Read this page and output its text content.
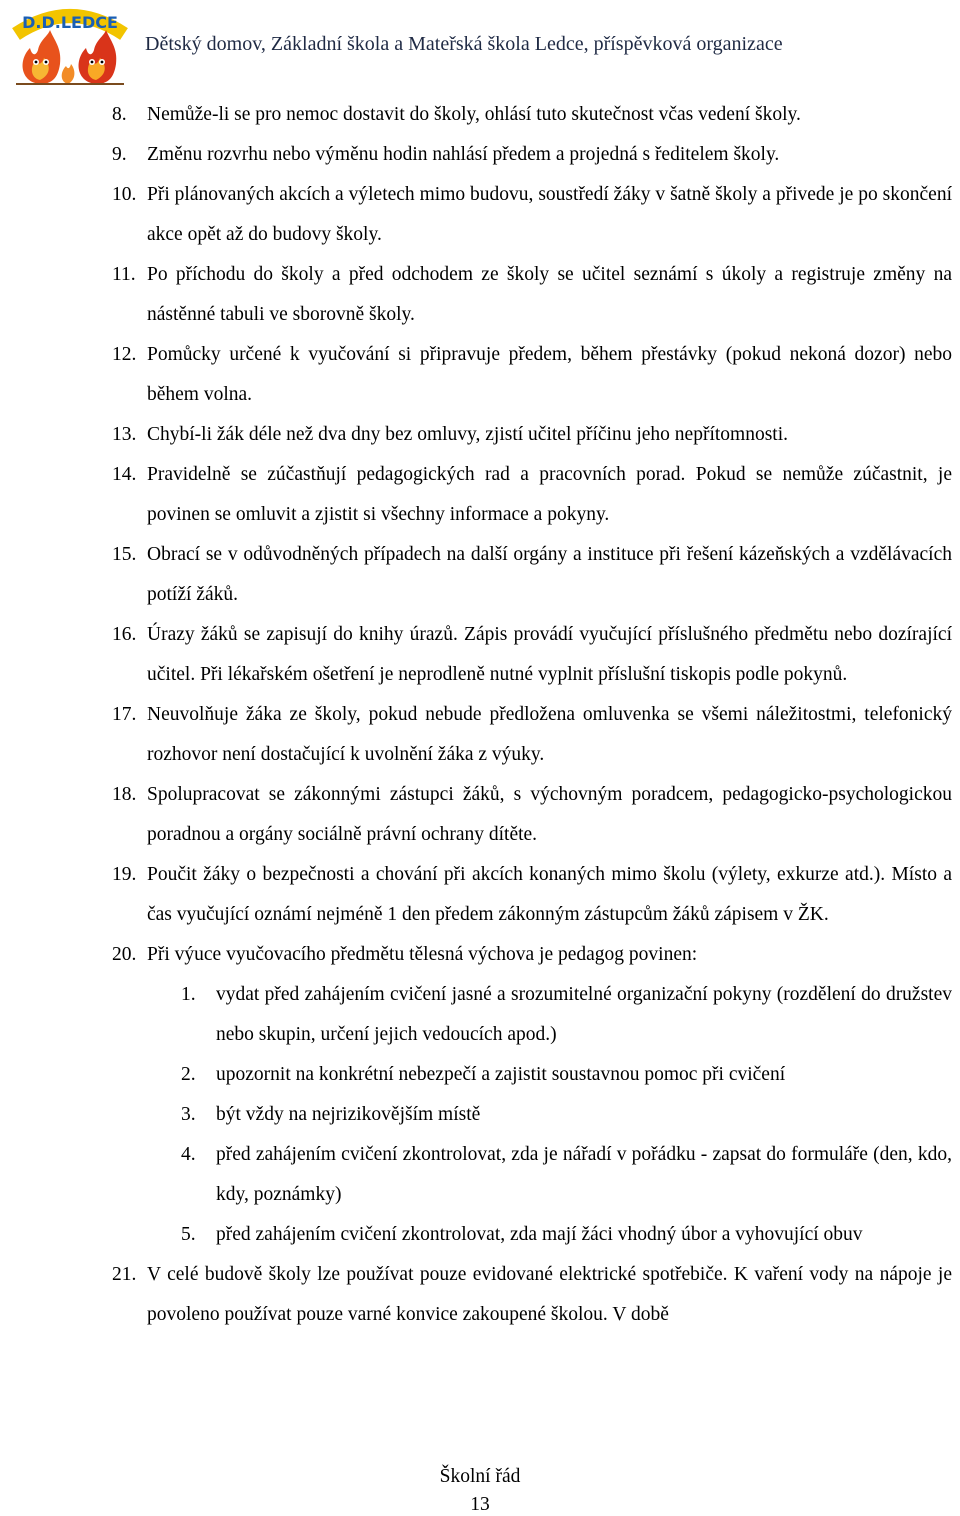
D.D.LEDCE
Dětský domov, Základní škola a Mateřská škola Ledce, příspěvková organizace
8. Nemůže-li se pro nemoc dostavit do školy, ohlásí tuto skutečnost včas vedení školy.
9. Změnu rozvrhu nebo výměnu hodin nahlásí předem a projedná s ředitelem školy.
10. Při plánovaných akcích a výletech mimo budovu, soustředí žáky v šatně školy a přivede je po skončení akce opět až do budovy školy.
11. Po příchodu do školy a před odchodem ze školy se učitel seznámí s úkoly a registruje změny na nástěnné tabuli ve sborovně školy.
12. Pomůcky určené k vyučování si připravuje předem, během přestávky (pokud nekoná dozor) nebo během volna.
13. Chybí-li žák déle než dva dny bez omluvy, zjistí učitel příčinu jeho nepřítomnosti.
14. Pravidelně se zúčastňují pedagogických rad a pracovních porad. Pokud se nemůže zúčastnit, je povinen se omluvit a zjistit si všechny informace a pokyny.
15. Obrací se v odůvodněných případech na další orgány a instituce při řešení kázeňských a vzdělávacích potíží žáků.
16. Úrazy žáků se zapisují do knihy úrazů. Zápis provádí vyučující příslušného předmětu nebo dozírající učitel. Při lékařském ošetření je neprodleně nutné vyplnit příslušní tiskopis podle pokynů.
17. Neuvolňuje žáka ze školy, pokud nebude předložena omluvenka se všemi náležitostmi, telefonický rozhovor není dostačující k uvolnění žáka z výuky.
18. Spolupracovat se zákonnými zástupci žáků, s výchovným poradcem, pedagogicko-psychologickou poradnou a orgány sociálně právní ochrany dítěte.
19. Poučit žáky o bezpečnosti a chování při akcích konaných mimo školu (výlety, exkurze atd.). Místo a čas vyučující oznámí nejméně 1 den předem zákonným zástupcům žáků zápisem v ŽK.
20. Při výuce vyučovacího předmětu tělesná výchova je pedagog povinen:
1. vydat před zahájením cvičení jasné a srozumitelné organizační pokyny (rozdělení do družstev nebo skupin, určení jejich vedoucích apod.)
2. upozornit na konkrétní nebezpečí a zajistit soustavnou pomoc při cvičení
3. být vždy na nejrizikovějším místě
4. před zahájením cvičení zkontrolovat, zda je nářadí v pořádku - zapsat do formuláře (den, kdo, kdy, poznámky)
5. před zahájením cvičení zkontrolovat, zda mají žáci vhodný úbor a vyhovující obuv
21. V celé budově školy lze používat pouze evidované elektrické spotřebiče. K vaření vody na nápoje je povoleno používat pouze varné konvice zakoupené školou. V době
Školní řád
13
